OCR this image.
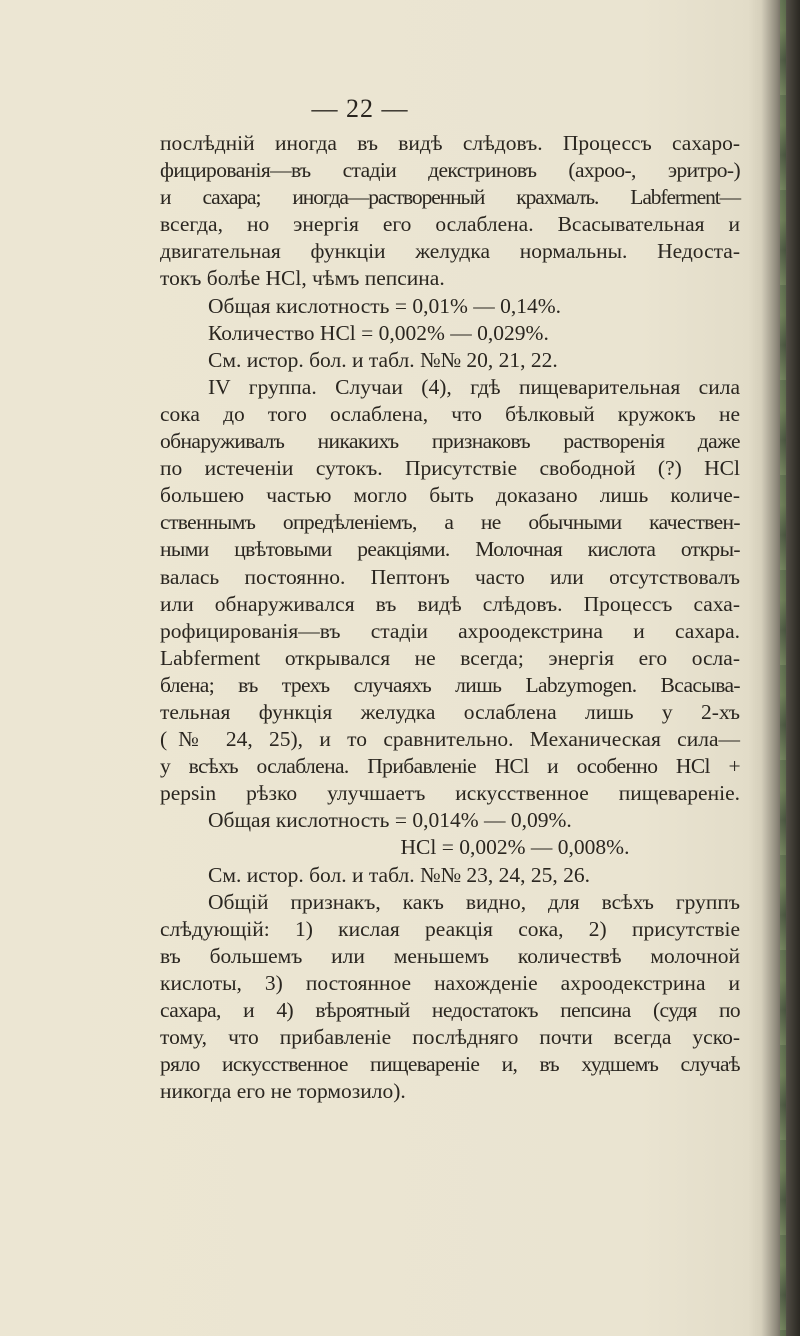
— 22 —
послѣдній иногда въ видѣ слѣдовъ. Процессъ сахаро-
фицированія—въ стадіи декстриновъ (ахроо-, эритро-)
и сахара; иногда—растворенный крахмалъ. Labferment—
всегда, но энергія его ослаблена. Всасывательная и
двигательная функціи желудка нормальны. Недоста-
токъ болѣе HCl, чѣмъ пепсина.
Общая кислотность = 0,01% — 0,14%.
Количество HCl = 0,002% — 0,029%.
См. истор. бол. и табл. №№ 20, 21, 22.
IV группа. Случаи (4), гдѣ пищеварительная сила
сока до того ослаблена, что бѣлковый кружокъ не
обнаруживалъ никакихъ признаковъ растворенія даже
по истеченіи сутокъ. Присутствіе свободной (?) HCl
большею частью могло быть доказано лишь количе-
ственнымъ опредѣленіемъ, а не обычными качествен-
ными цвѣтовыми реакціями. Молочная кислота откры-
валась постоянно. Пептонъ часто или отсутствовалъ
или обнаруживался въ видѣ слѣдовъ. Процессъ саха-
рофицированія—въ стадіи ахроодекстрина и сахара.
Labferment открывался не всегда; энергія его осла-
блена; въ трехъ случаяхъ лишь Labzymogen. Всасыва-
тельная функція желудка ослаблена лишь у 2-хъ
(№ 24, 25), и то сравнительно. Механическая сила—
у всѣхъ ослаблена. Прибавленіе HCl и особенно HCl +
pepsin рѣзко улучшаетъ искусственное пищевареніе.
Общая кислотность = 0,014% — 0,09%.
HCl = 0,002% — 0,008%.
См. истор. бол. и табл. №№ 23, 24, 25, 26.
Общій признакъ, какъ видно, для всѣхъ группъ
слѣдующій: 1) кислая реакція сока, 2) присутствіе
въ большемъ или меньшемъ количествѣ молочной
кислоты, 3) постоянное нахожденіе ахроодекстрина и
сахара, и 4) вѣроятный недостатокъ пепсина (судя по
тому, что прибавленіе послѣдняго почти всегда уско-
ряло искусственное пищевареніе и, въ худшемъ случаѣ
никогда его не тормозило).
